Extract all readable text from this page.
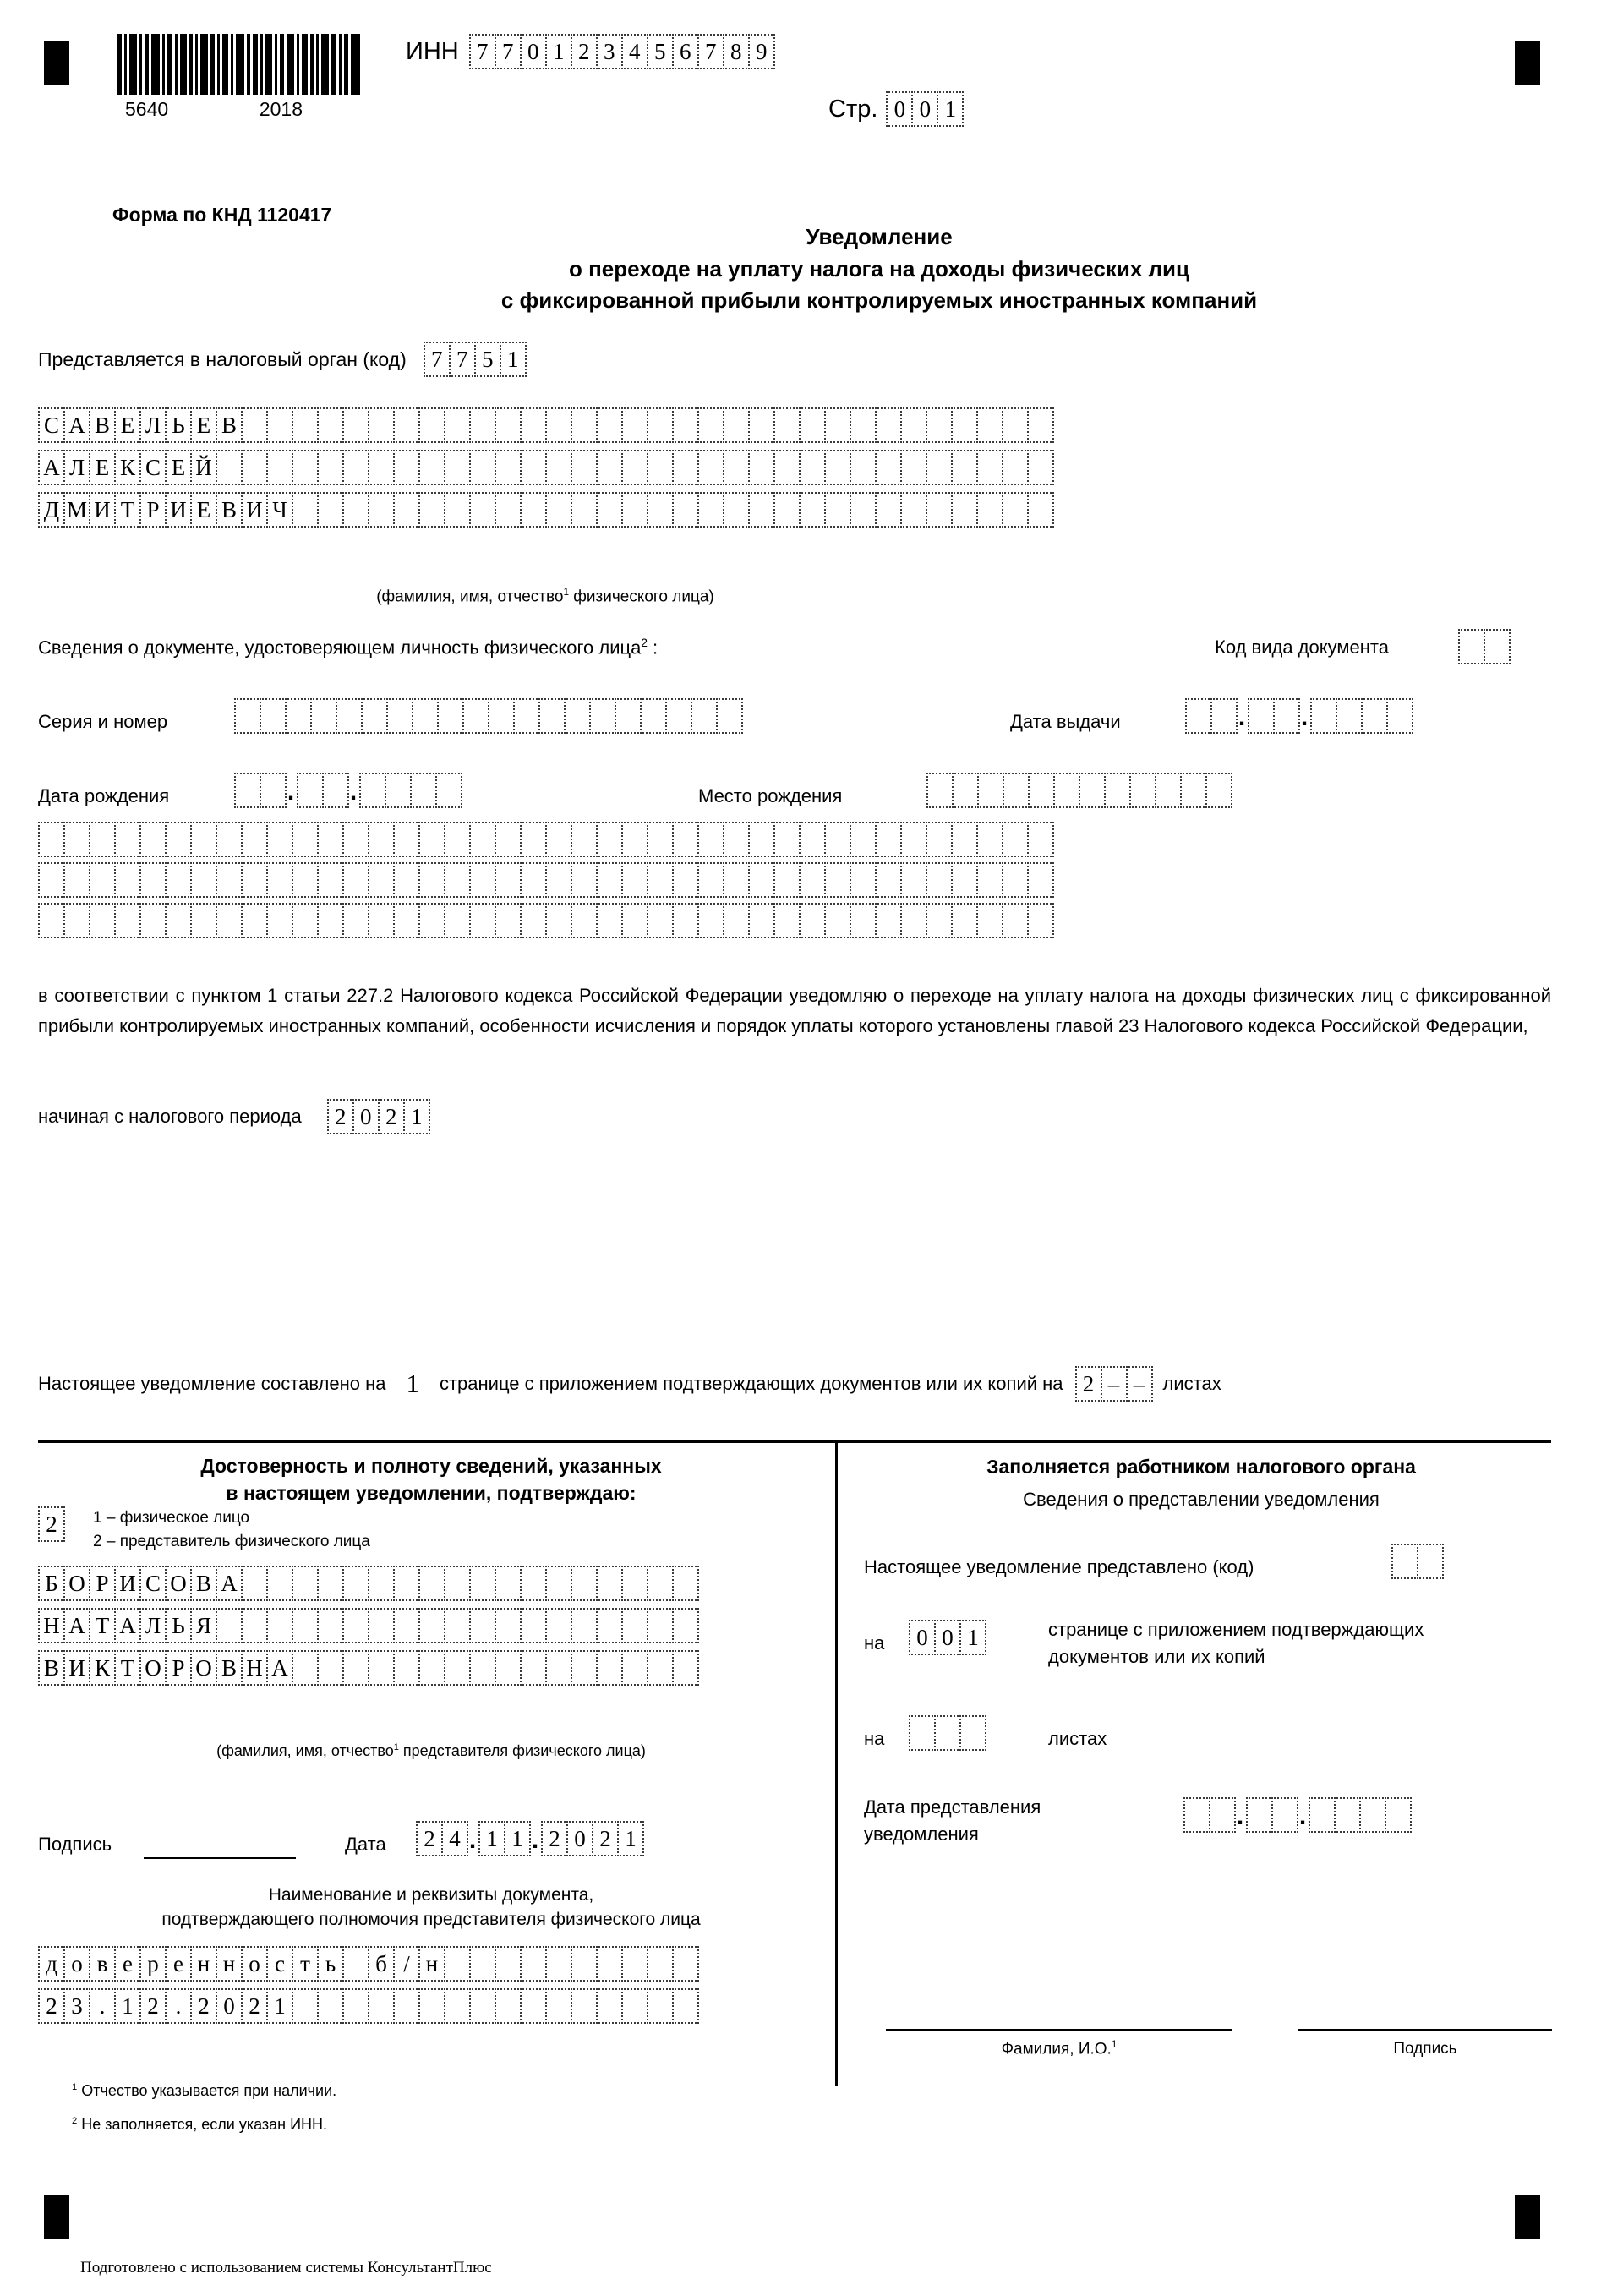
5640	2018
ИНН 7 7 0 1 2 3 4 5 6 7 8 9
Стр. 0 0 1
Форма по КНД 1120417
Уведомление
о переходе на уплату налога на доходы физических лиц
с фиксированной прибыли контролируемых иностранных компаний
Представляется в налоговый орган (код)	7 7 5 1
С А В Е Л Ь Е В
А Л Е К С Е Й
Д М И Т Р И Е В И Ч
(фамилия, имя, отчество$^1$ физического лица)
Сведения о документе, удостоверяющем личность физического лица$^2$ :	Код вида документа
Серия и номер	Дата выдачи	. .
Дата рождения	. .	Место рождения
в соответствии с пунктом 1 статьи 227.2 Налогового кодекса Российской Федерации уведомляю о переходе на уплату налога на доходы физических лиц с фиксированной прибыли контролируемых иностранных компаний, особенности исчисления и порядок уплаты которого установлены главой 23 Налогового кодекса Российской Федерации,
начиная с налогового периода	2 0 2 1
Настоящее уведомление составлено на 1 странице с приложением подтверждающих документов или их копий на 2 – – листах
Достоверность и полноту сведений, указанных
в настоящем уведомлении, подтверждаю:
2	1 – физическое лицо
2 – представитель физического лица
Б О Р И С О В А
Н А Т А Л Ь Я
В И К Т О Р О В Н А
(фамилия, имя, отчество$^1$ представителя физического лица)
Подпись	Дата	2 4 . 1 1 . 2 0 2 1
Наименование и реквизиты документа,
подтверждающего полномочия представителя физического лица
д о в е р е н н о с т ь	б / н
2 3 . 1 2 . 2 0 2 1
Заполняется работником налогового органа
Сведения о представлении уведомления
Настоящее уведомление представлено (код)
на	0 0 1	странице с приложением подтверждающих
документов или их копий
на	листах
Дата представления
уведомления
. .
Фамилия, И.О.$^1$	Подпись
$^1$ Отчество указывается при наличии.
$^2$ Не заполняется, если указан ИНН.
Подготовлено с использованием системы КонсультантПлюс
